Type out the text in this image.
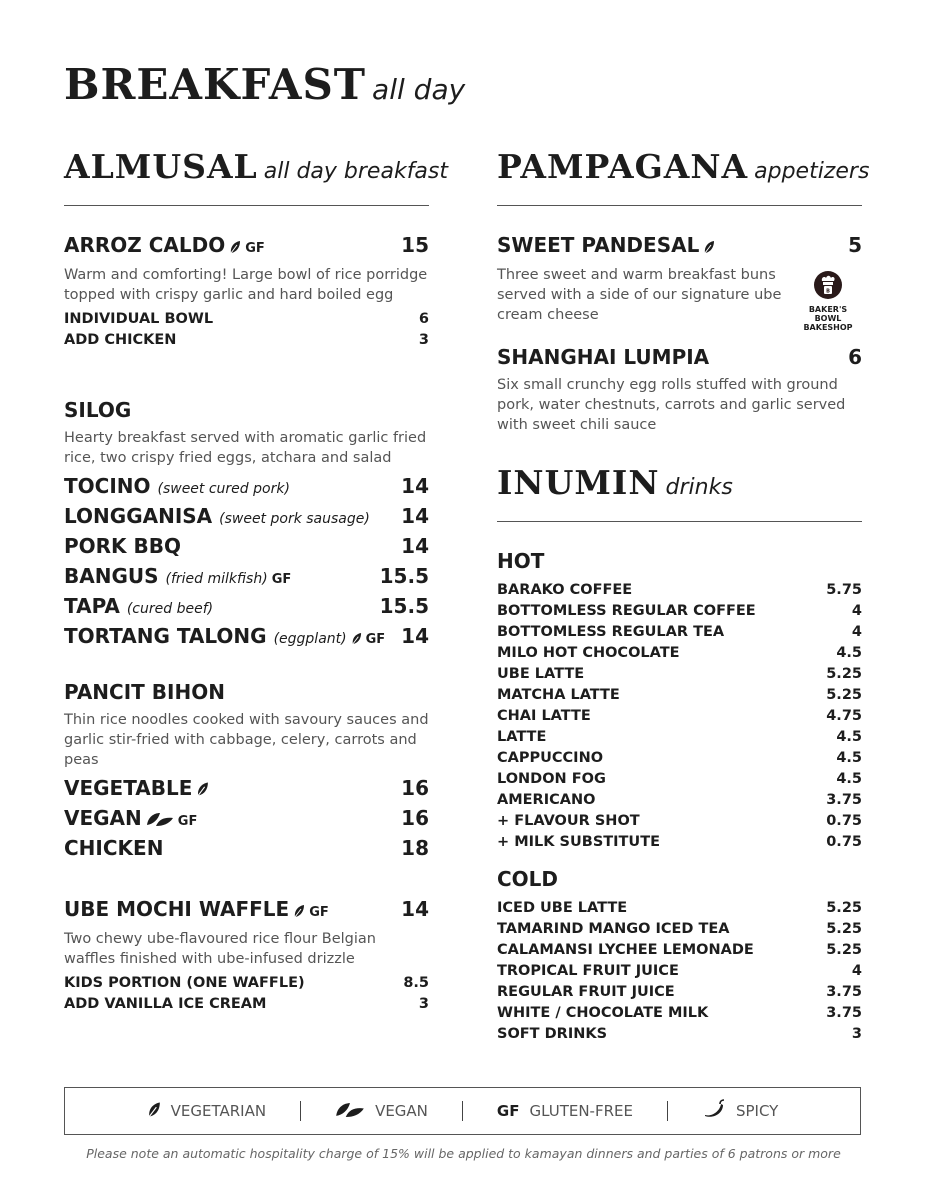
BREAKFAST all day
ALMUSAL all day breakfast
ARROZ CALDO GF	15
Warm and comforting! Large bowl of rice porridge topped with crispy garlic and hard boiled egg
INDIVIDUAL BOWL	6
ADD CHICKEN	3
SILOG
Hearty breakfast served with aromatic garlic fried rice, two crispy fried eggs, atchara and salad
TOCINO (sweet cured pork)	14
LONGGANISA (sweet pork sausage) 14
PORK BBQ	14
BANGUS (fried milkfish) GF	15.5
TAPA (cured beef)	15.5
TORTANG TALONG (eggplant) GF 14
PANCIT BIHON
Thin rice noodles cooked with savoury sauces and garlic stir-fried with cabbage, celery, carrots and peas
VEGETABLE	16
VEGAN	GF	16
CHICKEN	18
UBE MOCHI WAFFLE GF	14
Two chewy ube-flavoured rice flour Belgian waffles finished with ube-infused drizzle
KIDS PORTION (ONE WAFFLE)	8.5
ADD VANILLA ICE CREAM	3
PAMPAGANA appetizers
SWEET PANDESAL	5
Three sweet and warm breakfast buns served with a side of our signature ube cream cheese
B
BAKER'S BOWL
BAKESHOP
SHANGHAI LUMPIA	6
Six small crunchy egg rolls stuffed with ground pork, water chestnuts, carrots and garlic served with sweet chili sauce
INUMIN drinks
HOT
BARAKO COFFEE	5.75
BOTTOMLESS REGULAR COFFEE	4
BOTTOMLESS REGULAR TEA	4
MILO HOT CHOCOLATE	4.5
UBE LATTE	5.25
MATCHA LATTE	5.25
CHAI LATTE	4.75
LATTE	4.5
CAPPUCCINO	4.5
LONDON FOG	4.5
AMERICANO	3.75
+ FLAVOUR SHOT	0.75
+ MILK SUBSTITUTE	0.75
COLD
ICED UBE LATTE	5.25
TAMARIND MANGO ICED TEA	5.25
CALAMANSI LYCHEE LEMONADE	5.25
TROPICAL FRUIT JUICE	4
REGULAR FRUIT JUICE	3.75
WHITE / CHOCOLATE MILK	3.75
SOFT DRINKS	3
VEGETARIAN	VEGAN	GF GLUTEN-FREE	SPICY
Please note an automatic hospitality charge of 15% will be applied to kamayan dinners and parties of 6 patrons or more
